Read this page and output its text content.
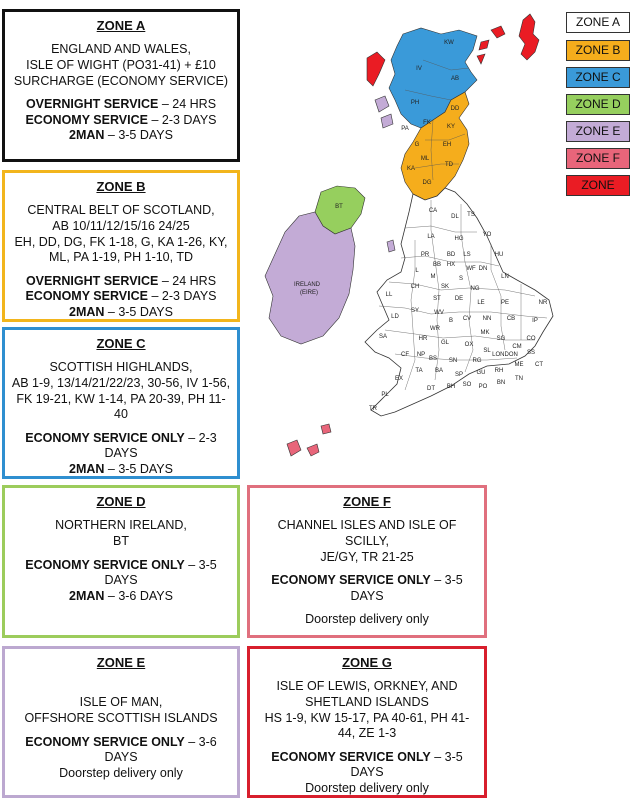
ZONE A
ENGLAND AND WALES,
ISLE OF WIGHT (PO31-41) + £10
SURCHARGE (ECONOMY SERVICE)
OVERNIGHT SERVICE – 24 HRS
ECONOMY SERVICE – 2-3 DAYS
2MAN – 3-5 DAYS
ZONE B
CENTRAL BELT OF SCOTLAND,
AB 10/11/12/15/16 24/25
EH, DD, DG, FK 1-18, G, KA 1-26, KY,
ML, PA 1-19, PH 1-10, TD
OVERNIGHT SERVICE – 24 HRS
ECONOMY SERVICE – 2-3 DAYS
2MAN – 3-5 DAYS
ZONE C
SCOTTISH HIGHLANDS,
AB 1-9, 13/14/21/22/23, 30-56, IV 1-56,
FK 19-21, KW 1-14, PA 20-39, PH 11-
40
ECONOMY SERVICE ONLY – 2-3 DAYS
2MAN – 3-5 DAYS
ZONE D
NORTHERN IRELAND,
BT
ECONOMY SERVICE ONLY – 3-5 DAYS
2MAN – 3-6 DAYS
ZONE E
ISLE OF MAN,
OFFSHORE SCOTTISH ISLANDS
ECONOMY SERVICE ONLY – 3-6 DAYS
Doorstep delivery only
ZONE F
CHANNEL ISLES AND ISLE OF
SCILLY,
JE/GY, TR 21-25
ECONOMY SERVICE ONLY – 3-5 DAYS
Doorstep delivery only
ZONE G
ISLE OF LEWIS, ORKNEY, AND
SHETLAND ISLANDS
HS 1-9, KW 15-17, PA 40-61, PH 41-
44, ZE 1-3
ECONOMY SERVICE ONLY – 3-5 DAYS
Doorstep delivery only
ZONE A
ZONE B
ZONE C
ZONE D
ZONE E
ZONE F
ZONE
AB
IV
KW
PH
DD
KY
FK
PA
G	EH
ML
KA
TD
DG
BT
IRELAND
(EIRE)
CA
DL TS
YO
LA	HG
BD LS	HU
HX
PR
BB
WF DN
LN
L
M	S
CH	SK	NG
LL
ST DE
LE	PE	NR
SY	WV
B CV NN	CB	IP
LD
WR
MK
SA	HR
GL	OX
SG	CO
CF NP
BS SN	RG
SL
LONDON
CM
SS
EX
TA BA
SP GU RH
ME CT
PL
TR
DT BH SO PO
BN
TN
